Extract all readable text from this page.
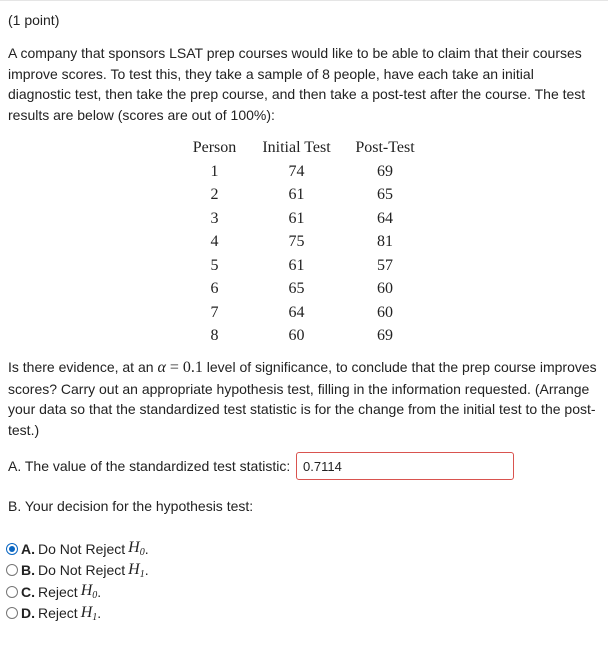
(1 point)
A company that sponsors LSAT prep courses would like to be able to claim that their courses improve scores. To test this, they take a sample of 8 people, have each take an initial diagnostic test, then take the prep course, and then take a post-test after the course. The test results are below (scores are out of 100%):
Person	Initial Test	Post-Test
1	74	69
2	61	65
3	61	64
4	75	81
5	61	57
6	65	60
7	64	60
8	60	69
Is there evidence, at an α = 0.1 level of significance, to conclude that the prep course improves scores? Carry out an appropriate hypothesis test, filling in the information requested. (Arrange your data so that the standardized test statistic is for the change from the initial test to the post-test.)
A. The value of the standardized test statistic:
0.7114
B. Your decision for the hypothesis test:
A. Do Not Reject $H_0$ .
B. Do Not Reject $H_1$ .
C. Reject $H_0$ .
D. Reject $H_1$ .
